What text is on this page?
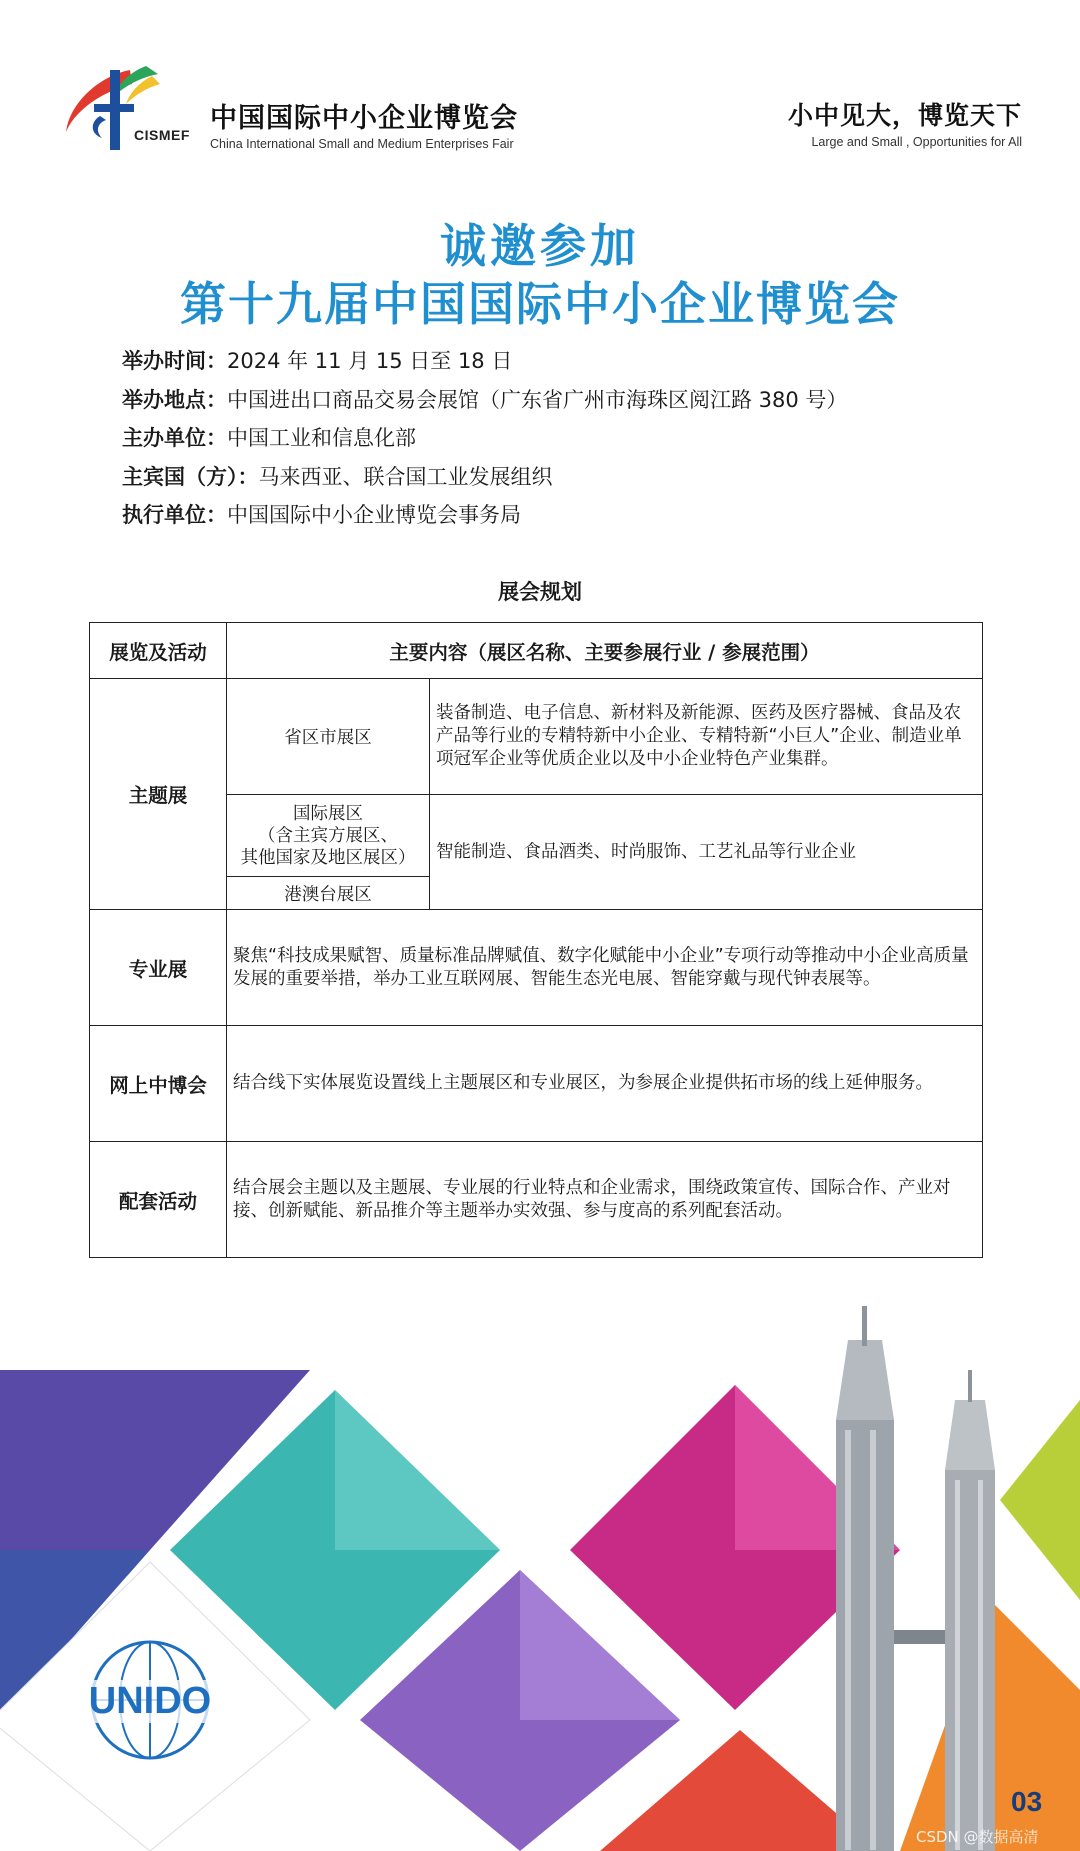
CISMEF
中国国际中小企业博览会
China International Small and Medium Enterprises Fair
小中见大，博览天下
Large and Small , Opportunities for All
诚邀参加
第十九届中国国际中小企业博览会
举办时间：2024 年 11 月 15 日至 18 日
举办地点：中国进出口商品交易会展馆（广东省广州市海珠区阅江路 380 号）
主办单位：中国工业和信息化部
主宾国（方）：马来西亚、联合国工业发展组织
执行单位：中国国际中小企业博览会事务局
展会规划
展览及活动	主要内容（展区名称、主要参展行业 / 参展范围）	
主题展	省区市展区	装备制造、电子信息、新材料及新能源、医药及医疗器械、食品及农产品等行业的专精特新中小企业、专精特新“小巨人”企业、制造业单项冠军企业等优质企业以及中小企业特色产业集群。

	国际展区
（含主宾方展区、
其他国家及地区展区）	智能制造、食品酒类、时尚服饰、工艺礼品等行业企业
	港澳台展区	
专业展	聚焦“科技成果赋智、质量标准品牌赋值、数字化赋能中小企业”专项行动等推动中小企业高质量发展的重要举措，举办工业互联网展、智能生态光电展、智能穿戴与现代钟表展等。	
网上中博会	结合线下实体展览设置线上主题展区和专业展区，为参展企业提供拓市场的线上延伸服务。	
配套活动	结合展会主题以及主题展、专业展的行业特点和企业需求，围绕政策宣传、国际合作、产业对接、创新赋能、新品推介等主题举办实效强、参与度高的系列配套活动。	
UNIDO
03
CSDN @数据高清
